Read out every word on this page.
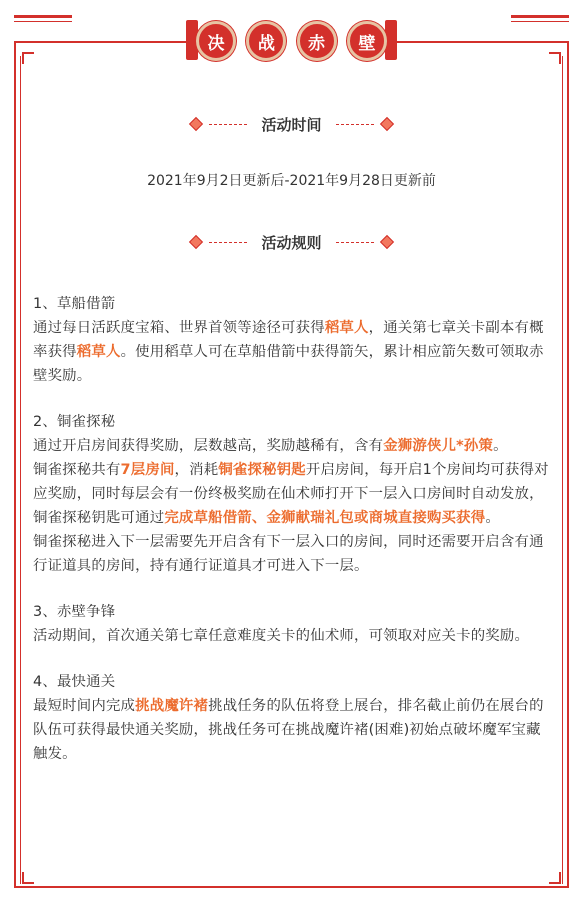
决	战	赤	壁
活动时间
2021年9月2日更新后-2021年9月28日更新前
活动规则

1、草船借箭

通过每日活跃度宝箱、世界首领等途径可获得稻草人，通关第七章关卡副本有概率获得稻草人。使用稻草人可在草船借箭中获得箭矢，累计相应箭矢数可领取赤壁奖励。

2、铜雀探秘

通过开启房间获得奖励，层数越高，奖励越稀有，含有金狮游侠儿*孙策。

铜雀探秘共有7层房间，消耗铜雀探秘钥匙开启房间，每开启1个房间均可获得对应奖励，同时每层会有一份终极奖励在仙术师打开下一层入口房间时自动发放，铜雀探秘钥匙可通过完成草船借箭、金狮献瑞礼包或商城直接购买获得。

铜雀探秘进入下一层需要先开启含有下一层入口的房间，同时还需要开启含有通行证道具的房间，持有通行证道具才可进入下一层。

3、赤壁争锋

活动期间，首次通关第七章任意难度关卡的仙术师，可领取对应关卡的奖励。

4、最快通关

最短时间内完成挑战魔许褚挑战任务的队伍将登上展台，排名截止前仍在展台的队伍可获得最快通关奖励，挑战任务可在挑战魔许褚(困难)初始点破坏魔军宝藏触发。
